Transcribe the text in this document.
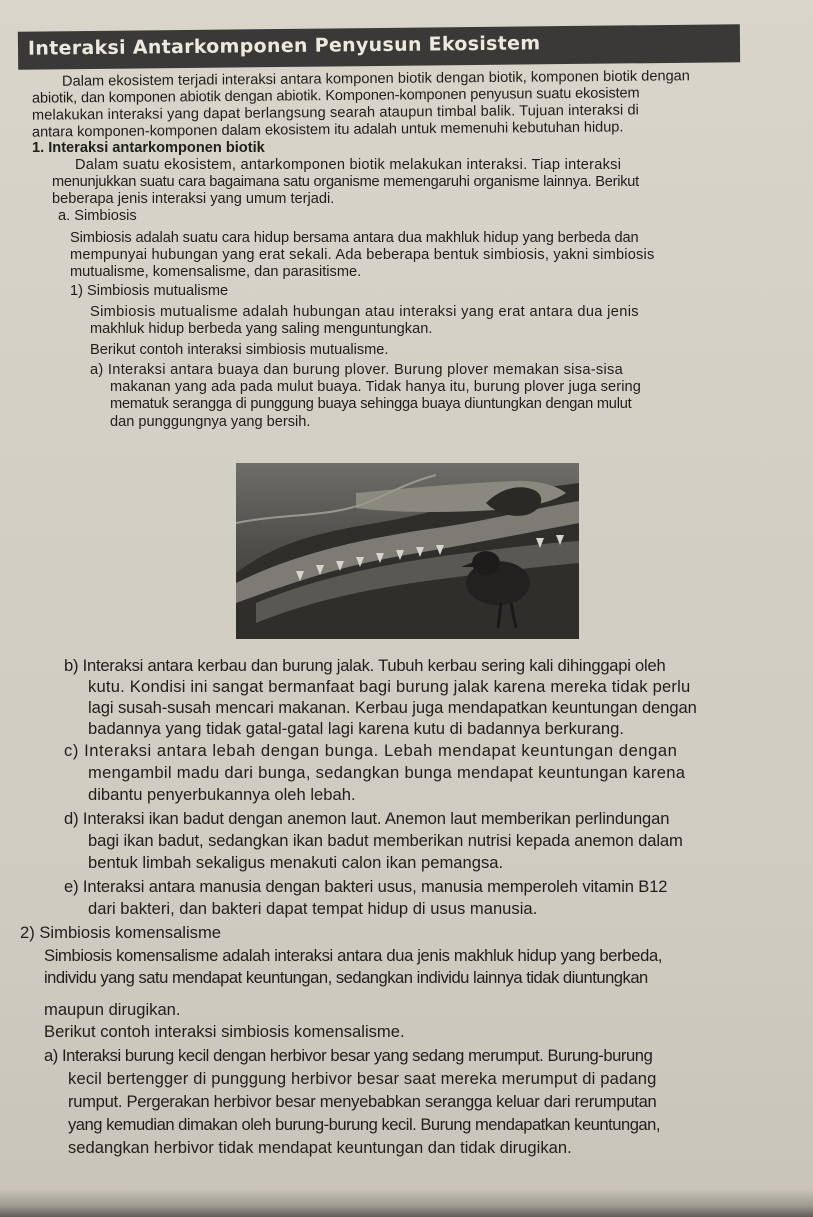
Interaksi Antarkomponen Penyusun Ekosistem
Dalam ekosistem terjadi interaksi antara komponen biotik dengan biotik, komponen biotik dengan
abiotik, dan komponen abiotik dengan abiotik. Komponen-komponen penyusun suatu ekosistem
melakukan interaksi yang dapat berlangsung searah ataupun timbal balik. Tujuan interaksi di
antara komponen-komponen dalam ekosistem itu adalah untuk memenuhi kebutuhan hidup.
1. Interaksi antarkomponen biotik
Dalam suatu ekosistem, antarkomponen biotik melakukan interaksi. Tiap interaksi
menunjukkan suatu cara bagaimana satu organisme memengaruhi organisme lainnya. Berikut
beberapa jenis interaksi yang umum terjadi.
a. Simbiosis
Simbiosis adalah suatu cara hidup bersama antara dua makhluk hidup yang berbeda dan
mempunyai hubungan yang erat sekali. Ada beberapa bentuk simbiosis, yakni simbiosis
mutualisme, komensalisme, dan parasitisme.
1) Simbiosis mutualisme
Simbiosis mutualisme adalah hubungan atau interaksi yang erat antara dua jenis
makhluk hidup berbeda yang saling menguntungkan.
Berikut contoh interaksi simbiosis mutualisme.
a) Interaksi antara buaya dan burung plover. Burung plover memakan sisa-sisa
makanan yang ada pada mulut buaya. Tidak hanya itu, burung plover juga sering
mematuk serangga di punggung buaya sehingga buaya diuntungkan dengan mulut
dan punggungnya yang bersih.
b) Interaksi antara kerbau dan burung jalak. Tubuh kerbau sering kali dihinggapi oleh
kutu. Kondisi ini sangat bermanfaat bagi burung jalak karena mereka tidak perlu
lagi susah-susah mencari makanan. Kerbau juga mendapatkan keuntungan dengan
badannya yang tidak gatal-gatal lagi karena kutu di badannya berkurang.
c) Interaksi antara lebah dengan bunga. Lebah mendapat keuntungan dengan
mengambil madu dari bunga, sedangkan bunga mendapat keuntungan karena
dibantu penyerbukannya oleh lebah.
d) Interaksi ikan badut dengan anemon laut. Anemon laut memberikan perlindungan
bagi ikan badut, sedangkan ikan badut memberikan nutrisi kepada anemon dalam
bentuk limbah sekaligus menakuti calon ikan pemangsa.
e) Interaksi antara manusia dengan bakteri usus, manusia memperoleh vitamin B12
dari bakteri, dan bakteri dapat tempat hidup di usus manusia.
2) Simbiosis komensalisme
Simbiosis komensalisme adalah interaksi antara dua jenis makhluk hidup yang berbeda,
individu yang satu mendapat keuntungan, sedangkan individu lainnya tidak diuntungkan
maupun dirugikan.
Berikut contoh interaksi simbiosis komensalisme.
a) Interaksi burung kecil dengan herbivor besar yang sedang merumput. Burung-burung
kecil bertengger di punggung herbivor besar saat mereka merumput di padang
rumput. Pergerakan herbivor besar menyebabkan serangga keluar dari rerumputan
yang kemudian dimakan oleh burung-burung kecil. Burung mendapatkan keuntungan,
sedangkan herbivor tidak mendapat keuntungan dan tidak dirugikan.
